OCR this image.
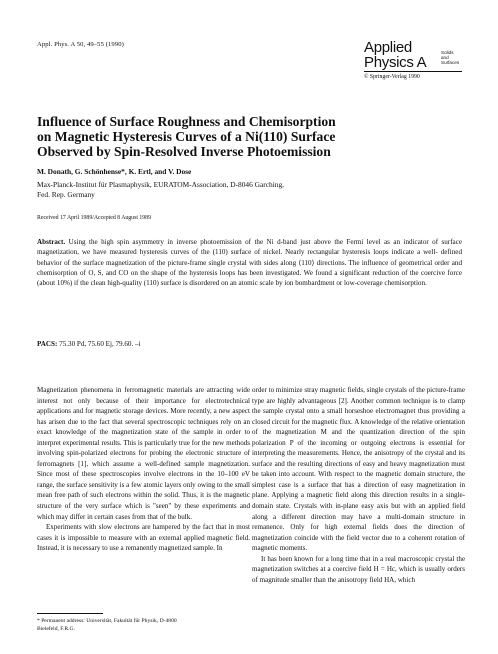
Appl. Phys. A 50, 49–55 (1990)	Applied
Physics A
Solids
and
Surfaces
© Springer-Verlag 1990
Influence of Surface Roughness and Chemisorption
on Magnetic Hysteresis Curves of a Ni(110) Surface
Observed by Spin-Resolved Inverse Photoemission
M. Donath, G. Schönhense*, K. Ertl, and V. Dose
Max-Planck-Institut für Plasmaphysik, EURATOM-Association, D-8046 Garching,
Fed. Rep. Germany
Received 17 April 1989/Accepted 8 August 1989

Abstract. Using the high spin asymmetry in inverse photoemission of the Ni d-band just above the Fermi level as an indicator of surface magnetization, we have measured hysteresis curves of the (110) surface of nickel. Nearly rectangular hysteresis loops indicate a well- defined behavior of the surface magnetization of the picture-frame single crystal with sides along ⟨110⟩ directions. The influence of geometrical order and chemisorption of O, S, and CO on the shape of the hysteresis loops has been investigated. We found a significant reduction of the coercive force (about 10%) if the clean high-quality (110) surface is disordered on an atomic scale by ion bombardment or low-coverage chemisorption.

PACS: 75.30 Pd, 75.60 Ej, 79.60. –i

Magnetization phenomena in ferromagnetic materials are attracting wide interest not only because of their importance for electrotechnical applications and for magnetic storage devices. More recently, a new aspect has arisen due to the fact that several spectroscopic techniques rely on an exact knowledge of the magnetization state of the sample in order to interpret experimental results. This is particularly true for the new methods involving spin-polarized electrons for probing the electronic structure of ferromagnets [1], which assume a well-defined sample magnetization. Since most of these spectroscopies involve electrons in the 10–100 eV range, the surface sensitivity is a few atomic layers only owing to the small mean free path of such electrons within the solid. Thus, it is the magnetic structure of the very surface which is "seen" by these experiments and which may differ in certain cases from that of the bulk.

Experiments with slow electrons are hampered by the fact that in most cases it is impossible to measure with an external applied magnetic field. Instead, it is necessary to use a remanently magnetized sample. In

order to minimize stray magnetic fields, single crystals of the picture-frame type are highly advantageous [2]. Another common technique is to clamp the sample crystal onto a small horseshoe electromagnet thus providing a closed circuit for the magnetic flux. A knowledge of the relative orientation of the magnetization M and the quantization direction of the spin polarization P of the incoming or outgoing electrons is essential for interpreting the measurements. Hence, the anisotropy of the crystal and its surface and the resulting directions of easy and heavy magnetization must be taken into account. With respect to the magnetic domain structure, the simplest case is a surface that has a direction of easy magnetization in plane. Applying a magnetic field along this direction results in a single-domain state. Crystals with in-plane easy axis but with an applied field along a different direction may have a multi-domain structure in remanence. Only for high external fields does the direction of magnetization coincide with the field vector due to a coherent rotation of magnetic moments.

It has been known for a long time that in a real macroscopic crystal the magnetization switches at a coercive field H = Hc, which is usually orders of magnitude smaller than the anisotropy field HA, which

* Permanent address: Universität, Fakultät für Physik, D-4800
Bielefeld, F.R.G.
